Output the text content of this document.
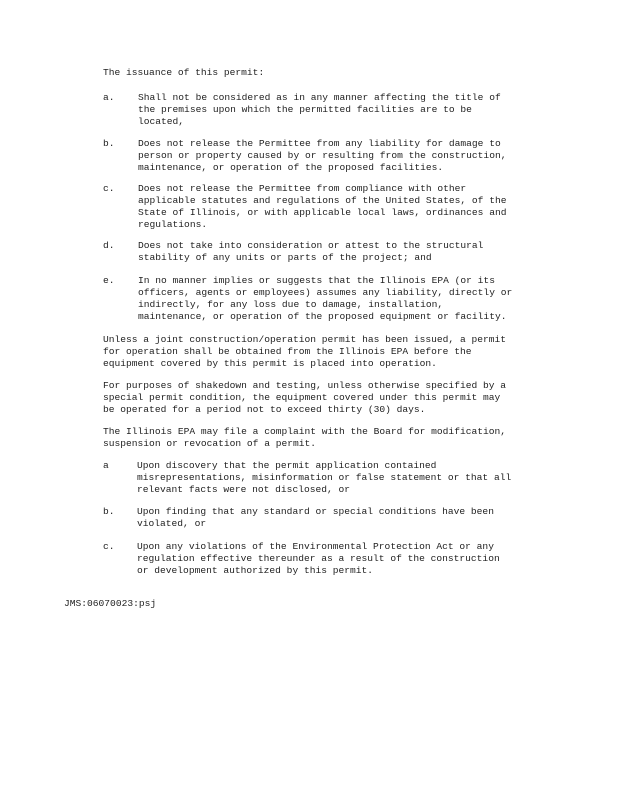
The issuance of this permit:
a. Shall not be considered as in any manner affecting the title of
the premises upon which the permitted facilities are to be
located,
b. Does not release the Permittee from any liability for damage to
person or property caused by or resulting from the construction,
maintenance, or operation of the proposed facilities.
c. Does not release the Permittee from compliance with other
applicable statutes and regulations of the United States, of the
State of Illinois, or with applicable local laws, ordinances and
regulations.
d. Does not take into consideration or attest to the structural
stability of any units or parts of the project; and
e. In no manner implies or suggests that the Illinois EPA (or its
officers, agents or employees) assumes any liability, directly or
indirectly, for any loss due to damage, installation,
maintenance, or operation of the proposed equipment or facility.
Unless a joint construction/operation permit has been issued, a permit
for operation shall be obtained from the Illinois EPA before the
equipment covered by this permit is placed into operation.
For purposes of shakedown and testing, unless otherwise specified by a
special permit condition, the equipment covered under this permit may
be operated for a period not to exceed thirty (30) days.
The Illinois EPA may file a complaint with the Board for modification,
suspension or revocation of a permit.
a	Upon discovery that the permit application contained
misrepresentations, misinformation or false statement or that all
relevant facts were not disclosed, or
b. Upon finding that any standard or special conditions have been
violated, or
c. Upon any violations of the Environmental Protection Act or any
regulation effective thereunder as a result of the construction
or development authorized by this permit.
JMS:06070023:psj
